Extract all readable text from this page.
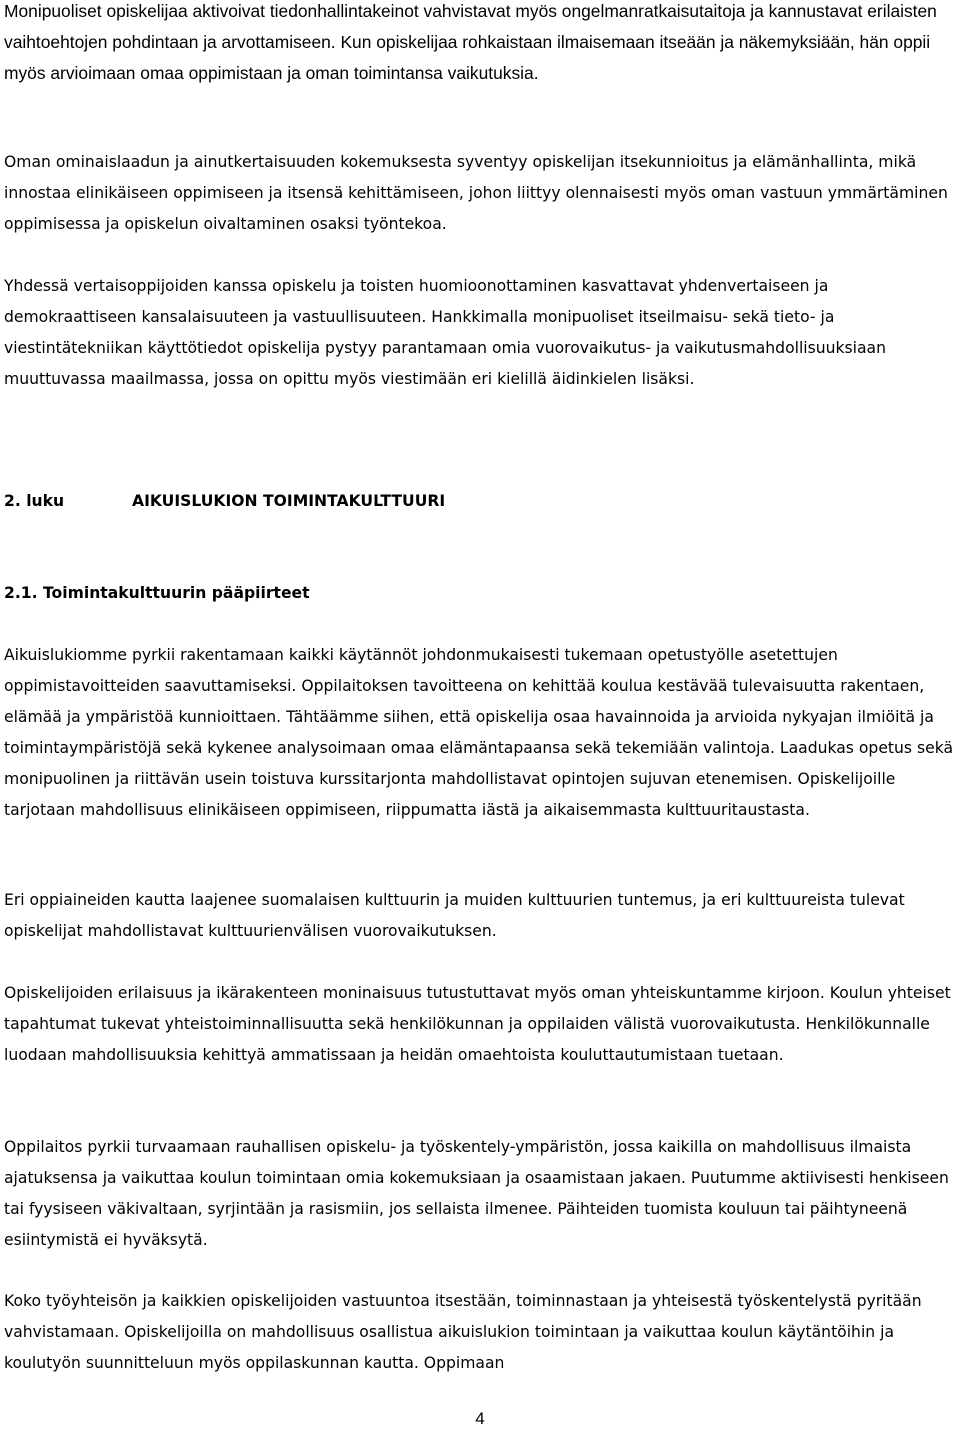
Monipuoliset opiskelijaa aktivoivat tiedonhallintakeinot vahvistavat myös ongelmanratkaisutaitoja ja kannustavat erilaisten vaihtoehtojen pohdintaan ja arvottamiseen. Kun opiskelijaa rohkaistaan ilmaisemaan itseään ja näkemyksiään, hän oppii myös arvioimaan omaa oppimistaan ja oman toimintansa vaikutuksia.

Oman ominaislaadun ja ainutkertaisuuden kokemuksesta syventyy opiskelijan itsekunnioitus ja elämänhallinta, mikä innostaa elinikäiseen oppimiseen ja itsensä kehittämiseen, johon liittyy olennaisesti myös oman vastuun ymmärtäminen oppimisessa ja opiskelun oivaltaminen osaksi työntekoa.

Yhdessä vertaisoppijoiden kanssa opiskelu ja toisten huomioonottaminen kasvattavat yhdenvertaiseen ja demokraattiseen kansalaisuuteen ja vastuullisuuteen. Hankkimalla monipuoliset itseilmaisu- sekä tieto- ja viestintätekniikan käyttötiedot opiskelija pystyy parantamaan omia vuorovaikutus- ja vaikutusmahdollisuuksiaan muuttuvassa maailmassa, jossa on opittu myös viestimään eri kielillä äidinkielen lisäksi.

2. luku	AIKUISLUKION TOIMINTAKULTTUURI
2.1. Toimintakulttuurin pääpiirteet

Aikuislukiomme pyrkii rakentamaan kaikki käytännöt johdonmukaisesti tukemaan opetustyölle asetettujen oppimistavoitteiden saavuttamiseksi. Oppilaitoksen tavoitteena on kehittää koulua kestävää tulevaisuutta rakentaen, elämää ja ympäristöä kunnioittaen. Tähtäämme siihen, että opiskelija osaa havainnoida ja arvioida nykyajan ilmiöitä ja toimintaympäristöjä sekä kykenee analysoimaan omaa elämäntapaansa sekä tekemiään valintoja. Laadukas opetus sekä monipuolinen ja riittävän usein toistuva kurssitarjonta mahdollistavat opintojen sujuvan etenemisen. Opiskelijoille tarjotaan mahdollisuus elinikäiseen oppimiseen, riippumatta iästä ja aikaisemmasta kulttuuritaustasta.

Eri oppiaineiden kautta laajenee suomalaisen kulttuurin ja muiden kulttuurien tuntemus, ja eri kulttuureista tulevat opiskelijat mahdollistavat kulttuurienvälisen vuorovaikutuksen.

Opiskelijoiden erilaisuus ja ikärakenteen moninaisuus tutustuttavat myös oman yhteiskuntamme kirjoon. Koulun yhteiset tapahtumat tukevat yhteistoiminnallisuutta sekä henkilökunnan ja oppilaiden välistä vuorovaikutusta. Henkilökunnalle luodaan mahdollisuuksia kehittyä ammatissaan ja heidän omaehtoista kouluttautumistaan tuetaan.

Oppilaitos pyrkii turvaamaan rauhallisen opiskelu- ja työskentely-ympäristön, jossa kaikilla on mahdollisuus ilmaista ajatuksensa ja vaikuttaa koulun toimintaan omia kokemuksiaan ja osaamistaan jakaen. Puutumme aktiivisesti henkiseen tai fyysiseen väkivaltaan, syrjintään ja rasismiin, jos sellaista ilmenee. Päihteiden tuomista kouluun tai päihtyneenä esiintymistä ei hyväksytä.

Koko työyhteisön ja kaikkien opiskelijoiden vastuuntoa itsestään, toiminnastaan ja yhteisestä työskentelystä pyritään vahvistamaan. Opiskelijoilla on mahdollisuus osallistua aikuislukion toimintaan ja vaikuttaa koulun käytäntöihin ja koulutyön suunnitteluun myös oppilaskunnan kautta. Oppimaan

4
